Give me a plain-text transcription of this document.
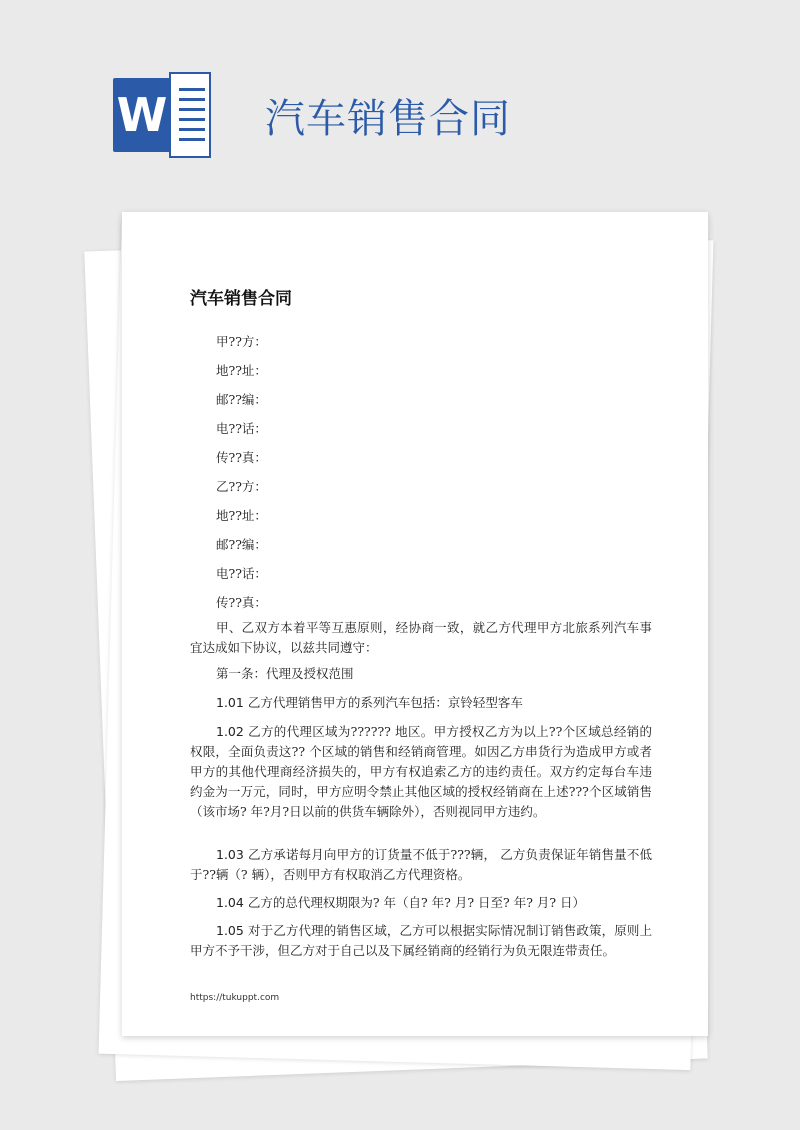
W 汽车销售合同
汽车销售合同
甲??方：
地??址：
邮??编：
电??话：
传??真：
乙??方：
地??址：
邮??编：
电??话：
传??真：
甲、乙双方本着平等互惠原则，经协商一致，就乙方代理甲方北旅系列汽车事宜达成如下协议，以兹共同遵守：
第一条：代理及授权范围
1.01 乙方代理销售甲方的系列汽车包括：京铃轻型客车
1.02 乙方的代理区域为?????? 地区。甲方授权乙方为以上??个区域总经销的权限，全面负责这?? 个区域的销售和经销商管理。如因乙方串货行为造成甲方或者甲方的其他代理商经济损失的，甲方有权追索乙方的违约责任。双方约定每台车违约金为一万元，同时，甲方应明令禁止其他区域的授权经销商在上述???个区域销售（该市场? 年?月?日以前的供货车辆除外），否则视同甲方违约。
1.03 乙方承诺每月向甲方的订货量不低于???辆， 乙方负责保证年销售量不低于??辆（? 辆），否则甲方有权取消乙方代理资格。
1.04 乙方的总代理权期限为? 年（自? 年? 月? 日至? 年? 月? 日）
1.05 对于乙方代理的销售区域，乙方可以根据实际情况制订销售政策，原则上甲方不予干涉，但乙方对于自己以及下属经销商的经销行为负无限连带责任。
https://tukuppt.com
